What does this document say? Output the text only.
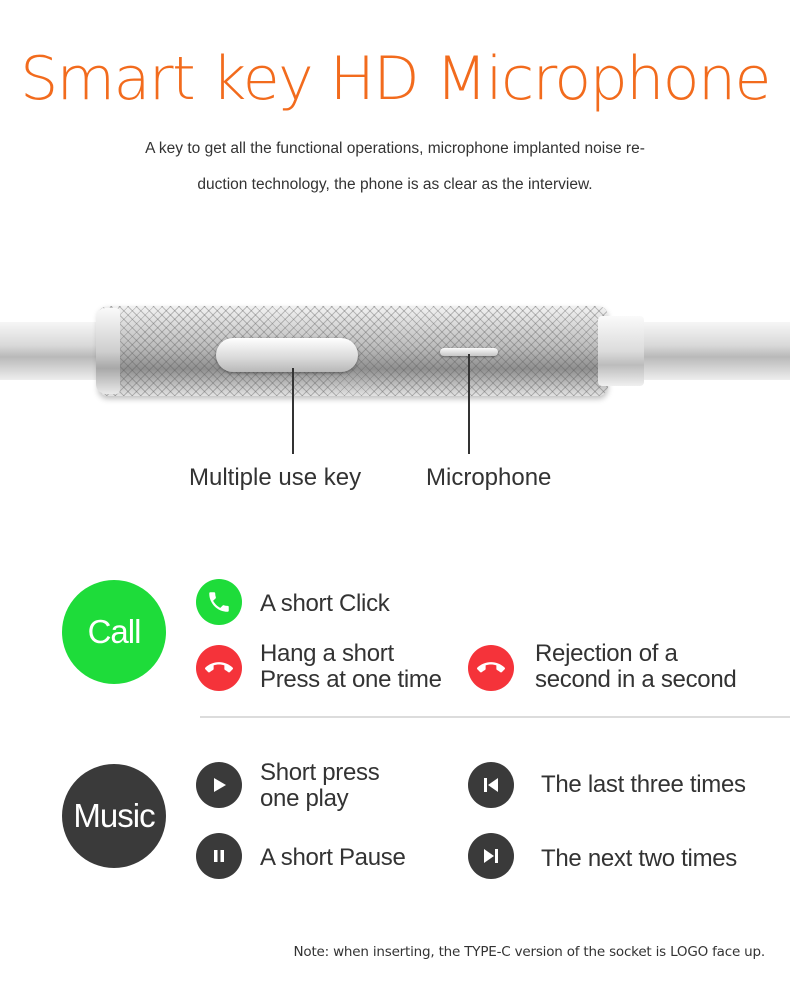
Smart key HD Microphone
A key to get all the functional operations, microphone implanted noise re-
duction technology, the phone is as clear as the interview.
Multiple use key	Microphone
Call
A short Click
Hang a short
Press at one time
Rejection of a
second in a second
Music
Short press
one play
The last three times
A short Pause	The next two times
Note: when inserting, the TYPE-C version of the socket is LOGO face up.
